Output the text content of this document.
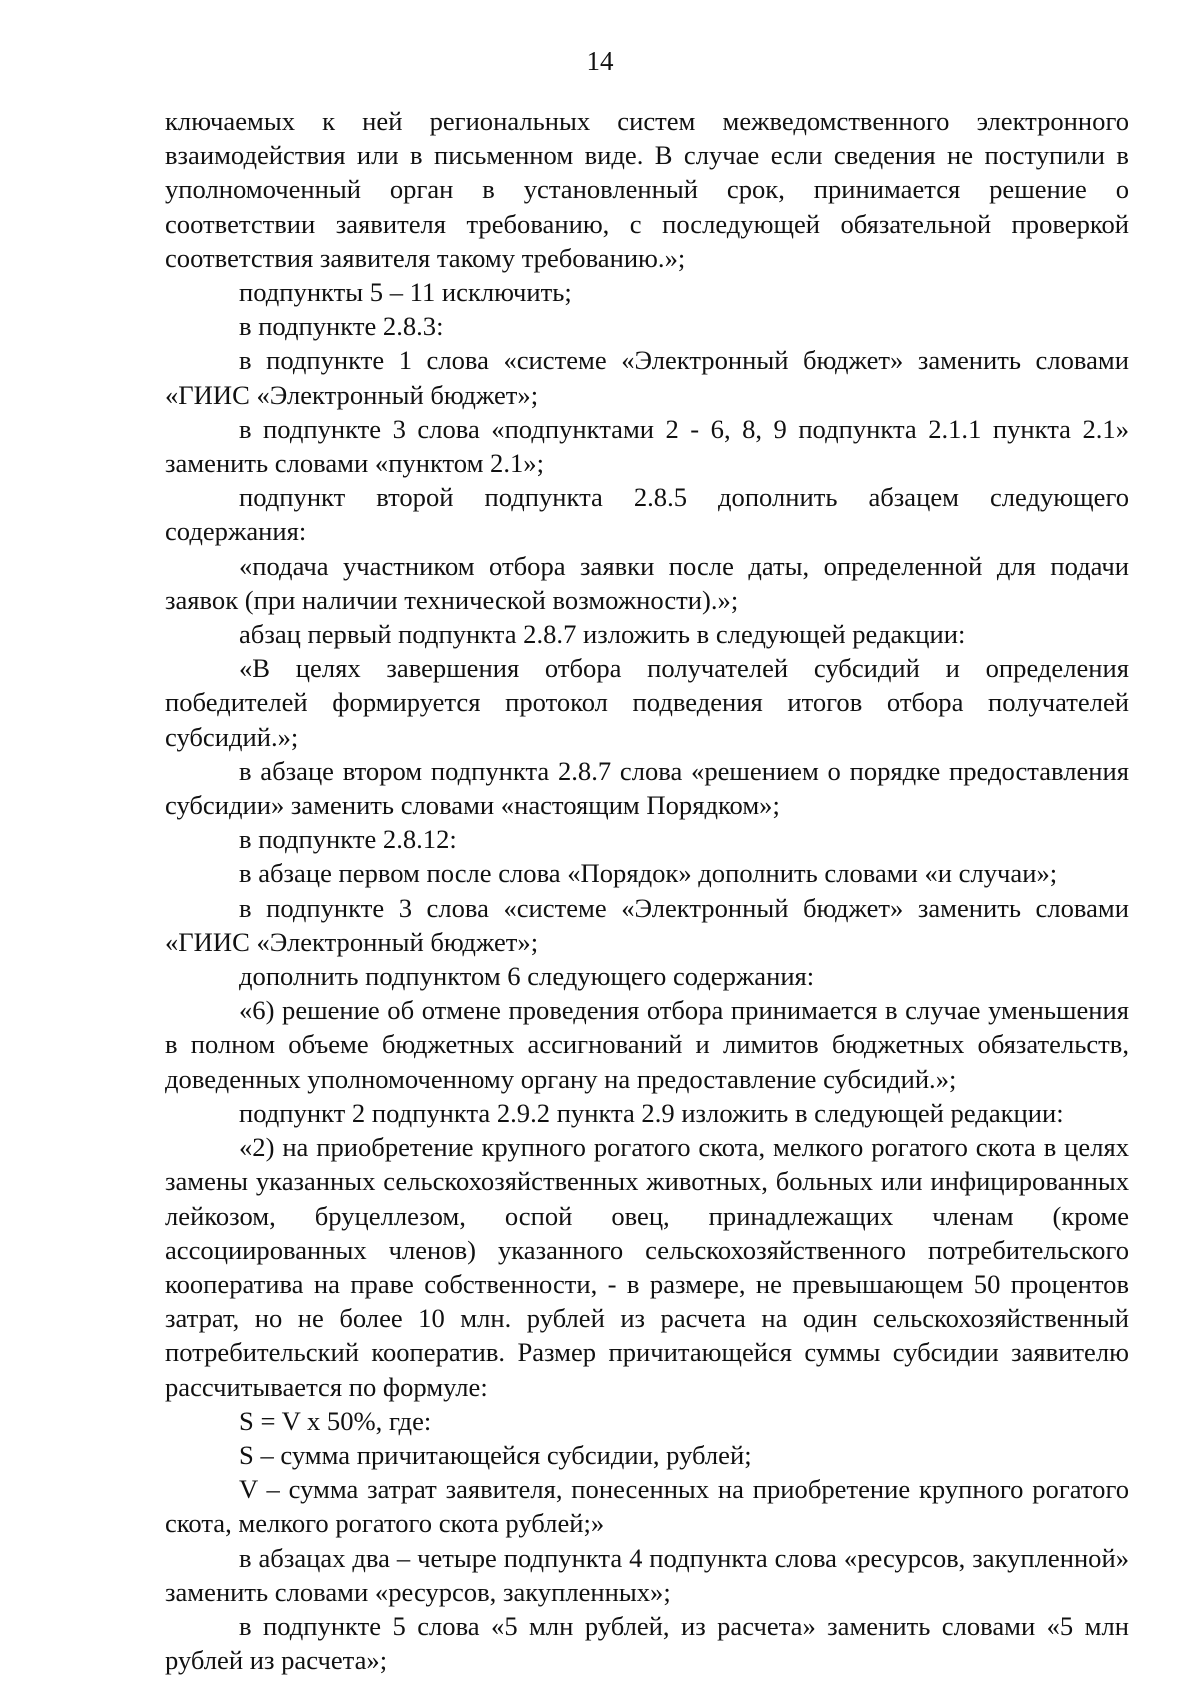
14

ключаемых к ней региональных систем межведомственного электронного взаимодействия или в письменном виде. В случае если сведения не поступили в уполномоченный орган в установленный срок, принимается решение о соответствии заявителя требованию, с последующей обязательной проверкой соответствия заявителя такому требованию.»;

подпункты 5 – 11 исключить;

в подпункте 2.8.3:

в подпункте 1 слова «системе «Электронный бюджет» заменить словами «ГИИС «Электронный бюджет»;

в подпункте 3 слова «подпунктами 2 - 6, 8, 9 подпункта 2.1.1 пункта 2.1» заменить словами «пунктом 2.1»;

подпункт второй подпункта 2.8.5 дополнить абзацем следующего содержания:

«подача участником отбора заявки после даты, определенной для подачи заявок (при наличии технической возможности).»;

абзац первый подпункта 2.8.7 изложить в следующей редакции:

«В целях завершения отбора получателей субсидий и определения победителей формируется протокол подведения итогов отбора получателей субсидий.»;

в абзаце втором подпункта 2.8.7 слова «решением о порядке предоставления субсидии» заменить словами «настоящим Порядком»;

в подпункте 2.8.12:

в абзаце первом после слова «Порядок» дополнить словами «и случаи»;

в подпункте 3 слова «системе «Электронный бюджет» заменить словами «ГИИС «Электронный бюджет»;

дополнить подпунктом 6 следующего содержания:

«6) решение об отмене проведения отбора принимается в случае уменьшения в полном объеме бюджетных ассигнований и лимитов бюджетных обязательств, доведенных уполномоченному органу на предоставление субсидий.»;

подпункт 2 подпункта 2.9.2 пункта 2.9 изложить в следующей редакции:

«2) на приобретение крупного рогатого скота, мелкого рогатого скота в целях замены указанных сельскохозяйственных животных, больных или инфицированных лейкозом, бруцеллезом, оспой овец, принадлежащих членам (кроме ассоциированных членов) указанного сельскохозяйственного потребительского кооператива на праве собственности, - в размере, не превышающем 50 процентов затрат, но не более 10 млн. рублей из расчета на один сельскохозяйственный потребительский кооператив. Размер причитающейся суммы субсидии заявителю рассчитывается по формуле:

S = V x 50%, где:

S – сумма причитающейся субсидии, рублей;

V – сумма затрат заявителя, понесенных на приобретение крупного рогатого скота, мелкого рогатого скота рублей;»

в абзацах два – четыре подпункта 4 подпункта слова «ресурсов, закупленной» заменить словами «ресурсов, закупленных»;

в подпункте 5 слова «5 млн рублей, из расчета» заменить словами «5 млн рублей из расчета»;
